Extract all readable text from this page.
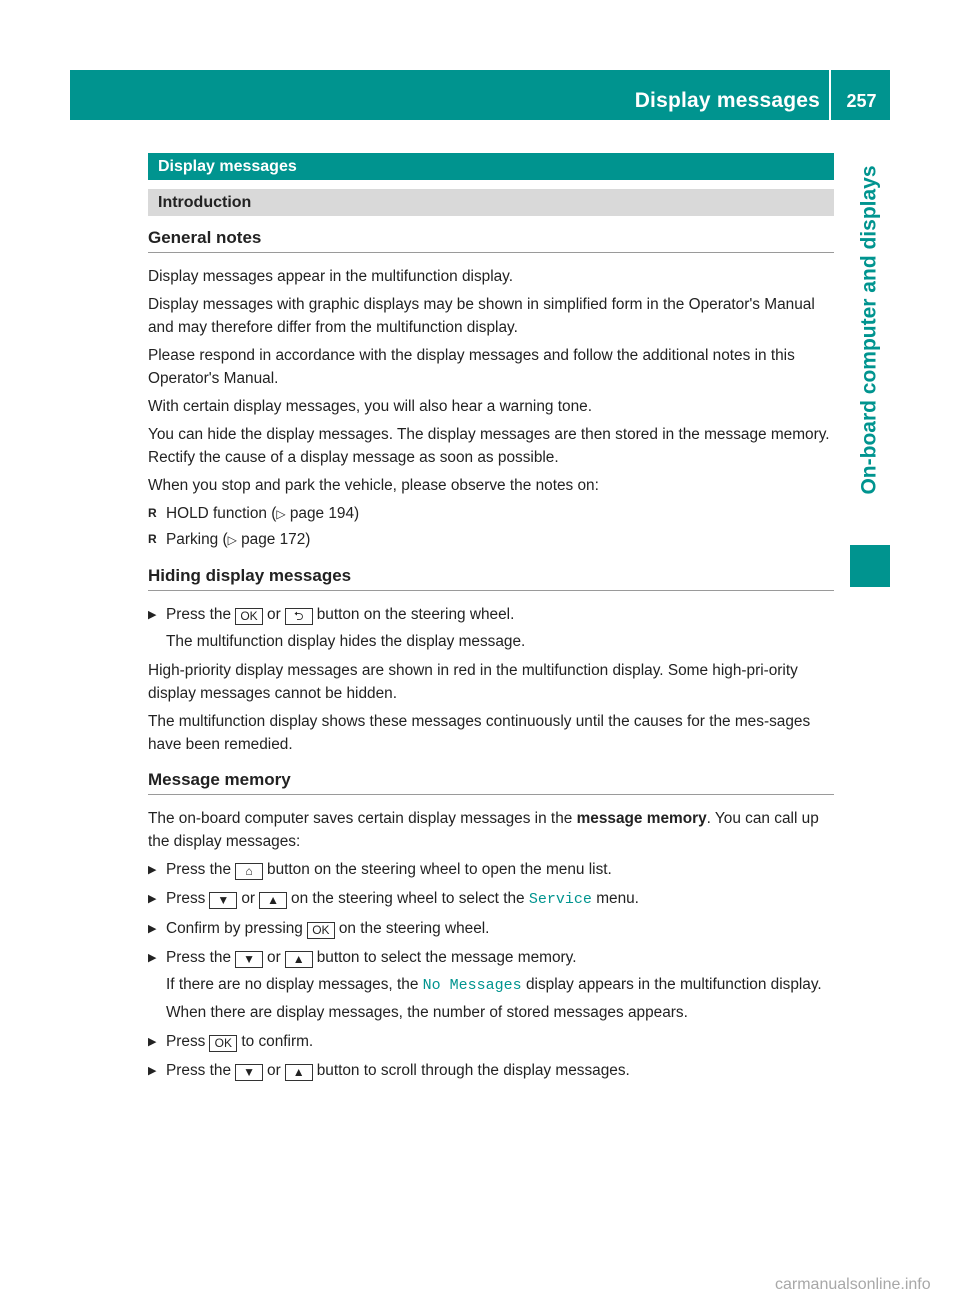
Display messages	257
On-board computer and displays
Display messages
Introduction
General notes

Display messages appear in the multifunction display.

Display messages with graphic displays may be shown in simplified form in the Operator's Manual and may therefore differ from the multifunction display.

Please respond in accordance with the display messages and follow the additional notes in this Operator's Manual.

With certain display messages, you will also hear a warning tone.

You can hide the display messages. The display messages are then stored in the message memory. Rectify the cause of a display message as soon as possible.

When you stop and park the vehicle, please observe the notes on:

R HOLD function (▷ page 194)
R Parking (▷ page 172)
Hiding display messages
▶ Press the OK or ⮌ button on the steering wheel.

The multifunction display hides the display message.

High-priority display messages are shown in red in the multifunction display. Some high-pri-ority display messages cannot be hidden.

The multifunction display shows these messages continuously until the causes for the mes-sages have been remedied.

Message memory

The on-board computer saves certain display messages in the message memory. You can call up the display messages:

▶ Press the ⌂ button on the steering wheel to open the menu list.

▶ Press ▼ or ▲ on the steering wheel to select the Service menu.

▶ Confirm by pressing OK on the steering wheel.

▶ Press the ▼ or ▲ button to select the message memory.

If there are no display messages, the No Messages display appears in the multifunction display.

When there are display messages, the number of stored messages appears.

▶ Press OK to confirm.

▶ Press the ▼ or ▲ button to scroll through the display messages.

carmanualsonline.info
